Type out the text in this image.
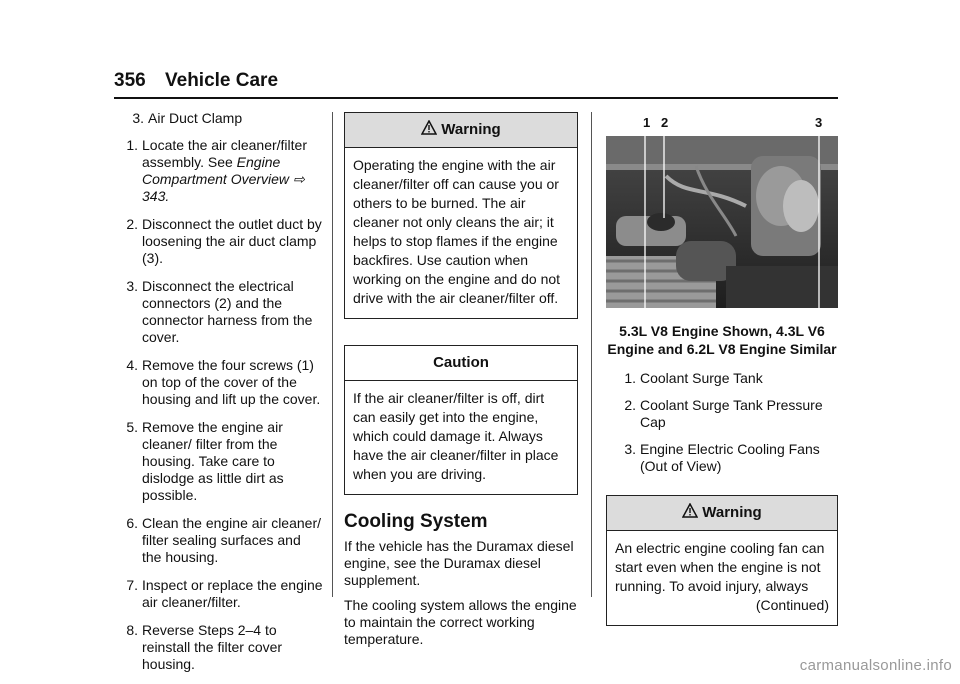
356 Vehicle Care
3. Air Duct Clamp
1. Locate the air cleaner/filter
assembly. See Engine
Compartment Overview ⇨ 343.
2. Disconnect the outlet duct by loosening the air duct clamp (3).
3. Disconnect the electrical connectors (2) and the connector harness from the cover.
4. Remove the four screws (1) on top of the cover of the housing and lift up the cover.
5. Remove the engine air cleaner/ filter from the housing. Take care to dislodge as little dirt as possible.
6. Clean the engine air cleaner/ filter sealing surfaces and the housing.
7. Inspect or replace the engine air cleaner/filter.
8. Reverse Steps 2–4 to reinstall the filter cover housing.
Warning
Operating the engine with the air cleaner/filter off can cause you or others to be burned. The air cleaner not only cleans the air; it helps to stop flames if the engine backfires. Use caution when working on the engine and do not drive with the air cleaner/filter off.
Caution
If the air cleaner/filter is off, dirt can easily get into the engine, which could damage it. Always have the air cleaner/filter in place when you are driving.
Cooling System
If the vehicle has the Duramax diesel engine, see the Duramax diesel supplement.
The cooling system allows the engine to maintain the correct working temperature.
1 2	3
5.3L V8 Engine Shown, 4.3L V6 Engine and 6.2L V8 Engine Similar
1. Coolant Surge Tank
2. Coolant Surge Tank Pressure Cap
3. Engine Electric Cooling Fans (Out of View)
Warning
An electric engine cooling fan can start even when the engine is not running. To avoid injury, always
(Continued)
carmanualsonline.info
